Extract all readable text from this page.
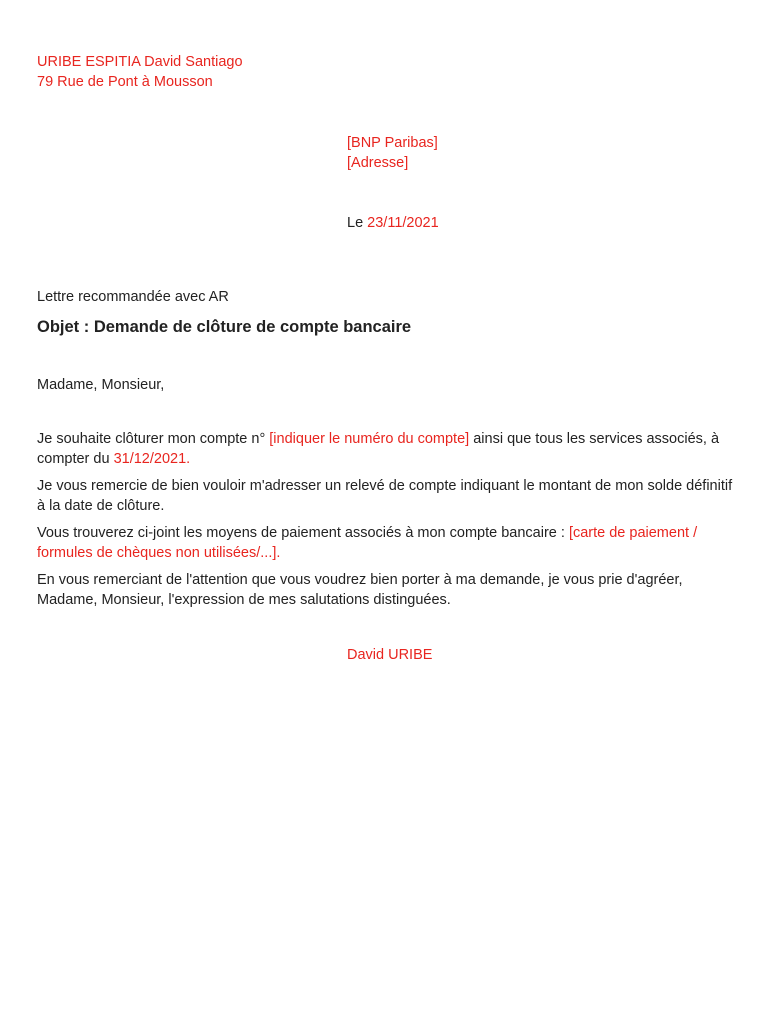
URIBE ESPITIA David Santiago
79 Rue de Pont à Mousson
[BNP Paribas]
[Adresse]
Le 23/11/2021
Lettre recommandée avec AR
Objet : Demande de clôture de compte bancaire
Madame, Monsieur,

Je souhaite clôturer mon compte n° [indiquer le numéro du compte] ainsi que tous les services associés, à compter du 31/12/2021.

Je vous remercie de bien vouloir m'adresser un relevé de compte indiquant le montant de mon solde définitif à la date de clôture.

Vous trouverez ci-joint les moyens de paiement associés à mon compte bancaire : [carte de paiement / formules de chèques non utilisées/...].

En vous remerciant de l'attention que vous voudrez bien porter à ma demande, je vous prie d'agréer, Madame, Monsieur, l'expression de mes salutations distinguées.

David URIBE
